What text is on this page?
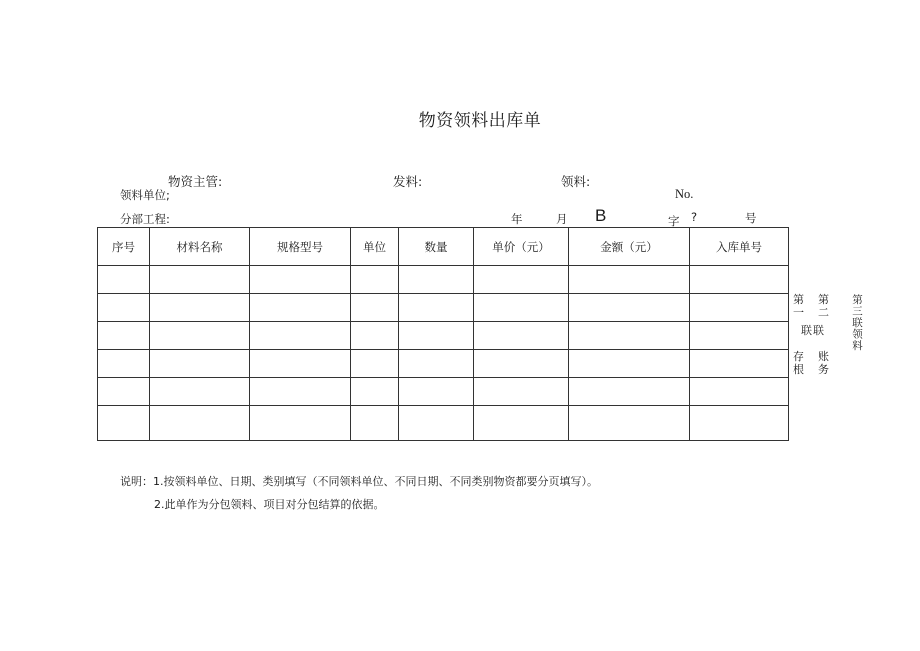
物资领料出库单
物资主管:	发料:	领料:
领料单位;	No.
分部工程:	年	月 B	字 ?	号
序号	材料名称	规格型号	单位	数量	单价（元）	金额（元）	入库单号

第
一
第
二
联 联
存
根
账
务
第三联领料
说明：1.按领料单位、日期、类别填写（不同领料单位、不同日期、不同类别物资都要分页填写）。
2.此单作为分包领料、项目对分包结算的依据。
